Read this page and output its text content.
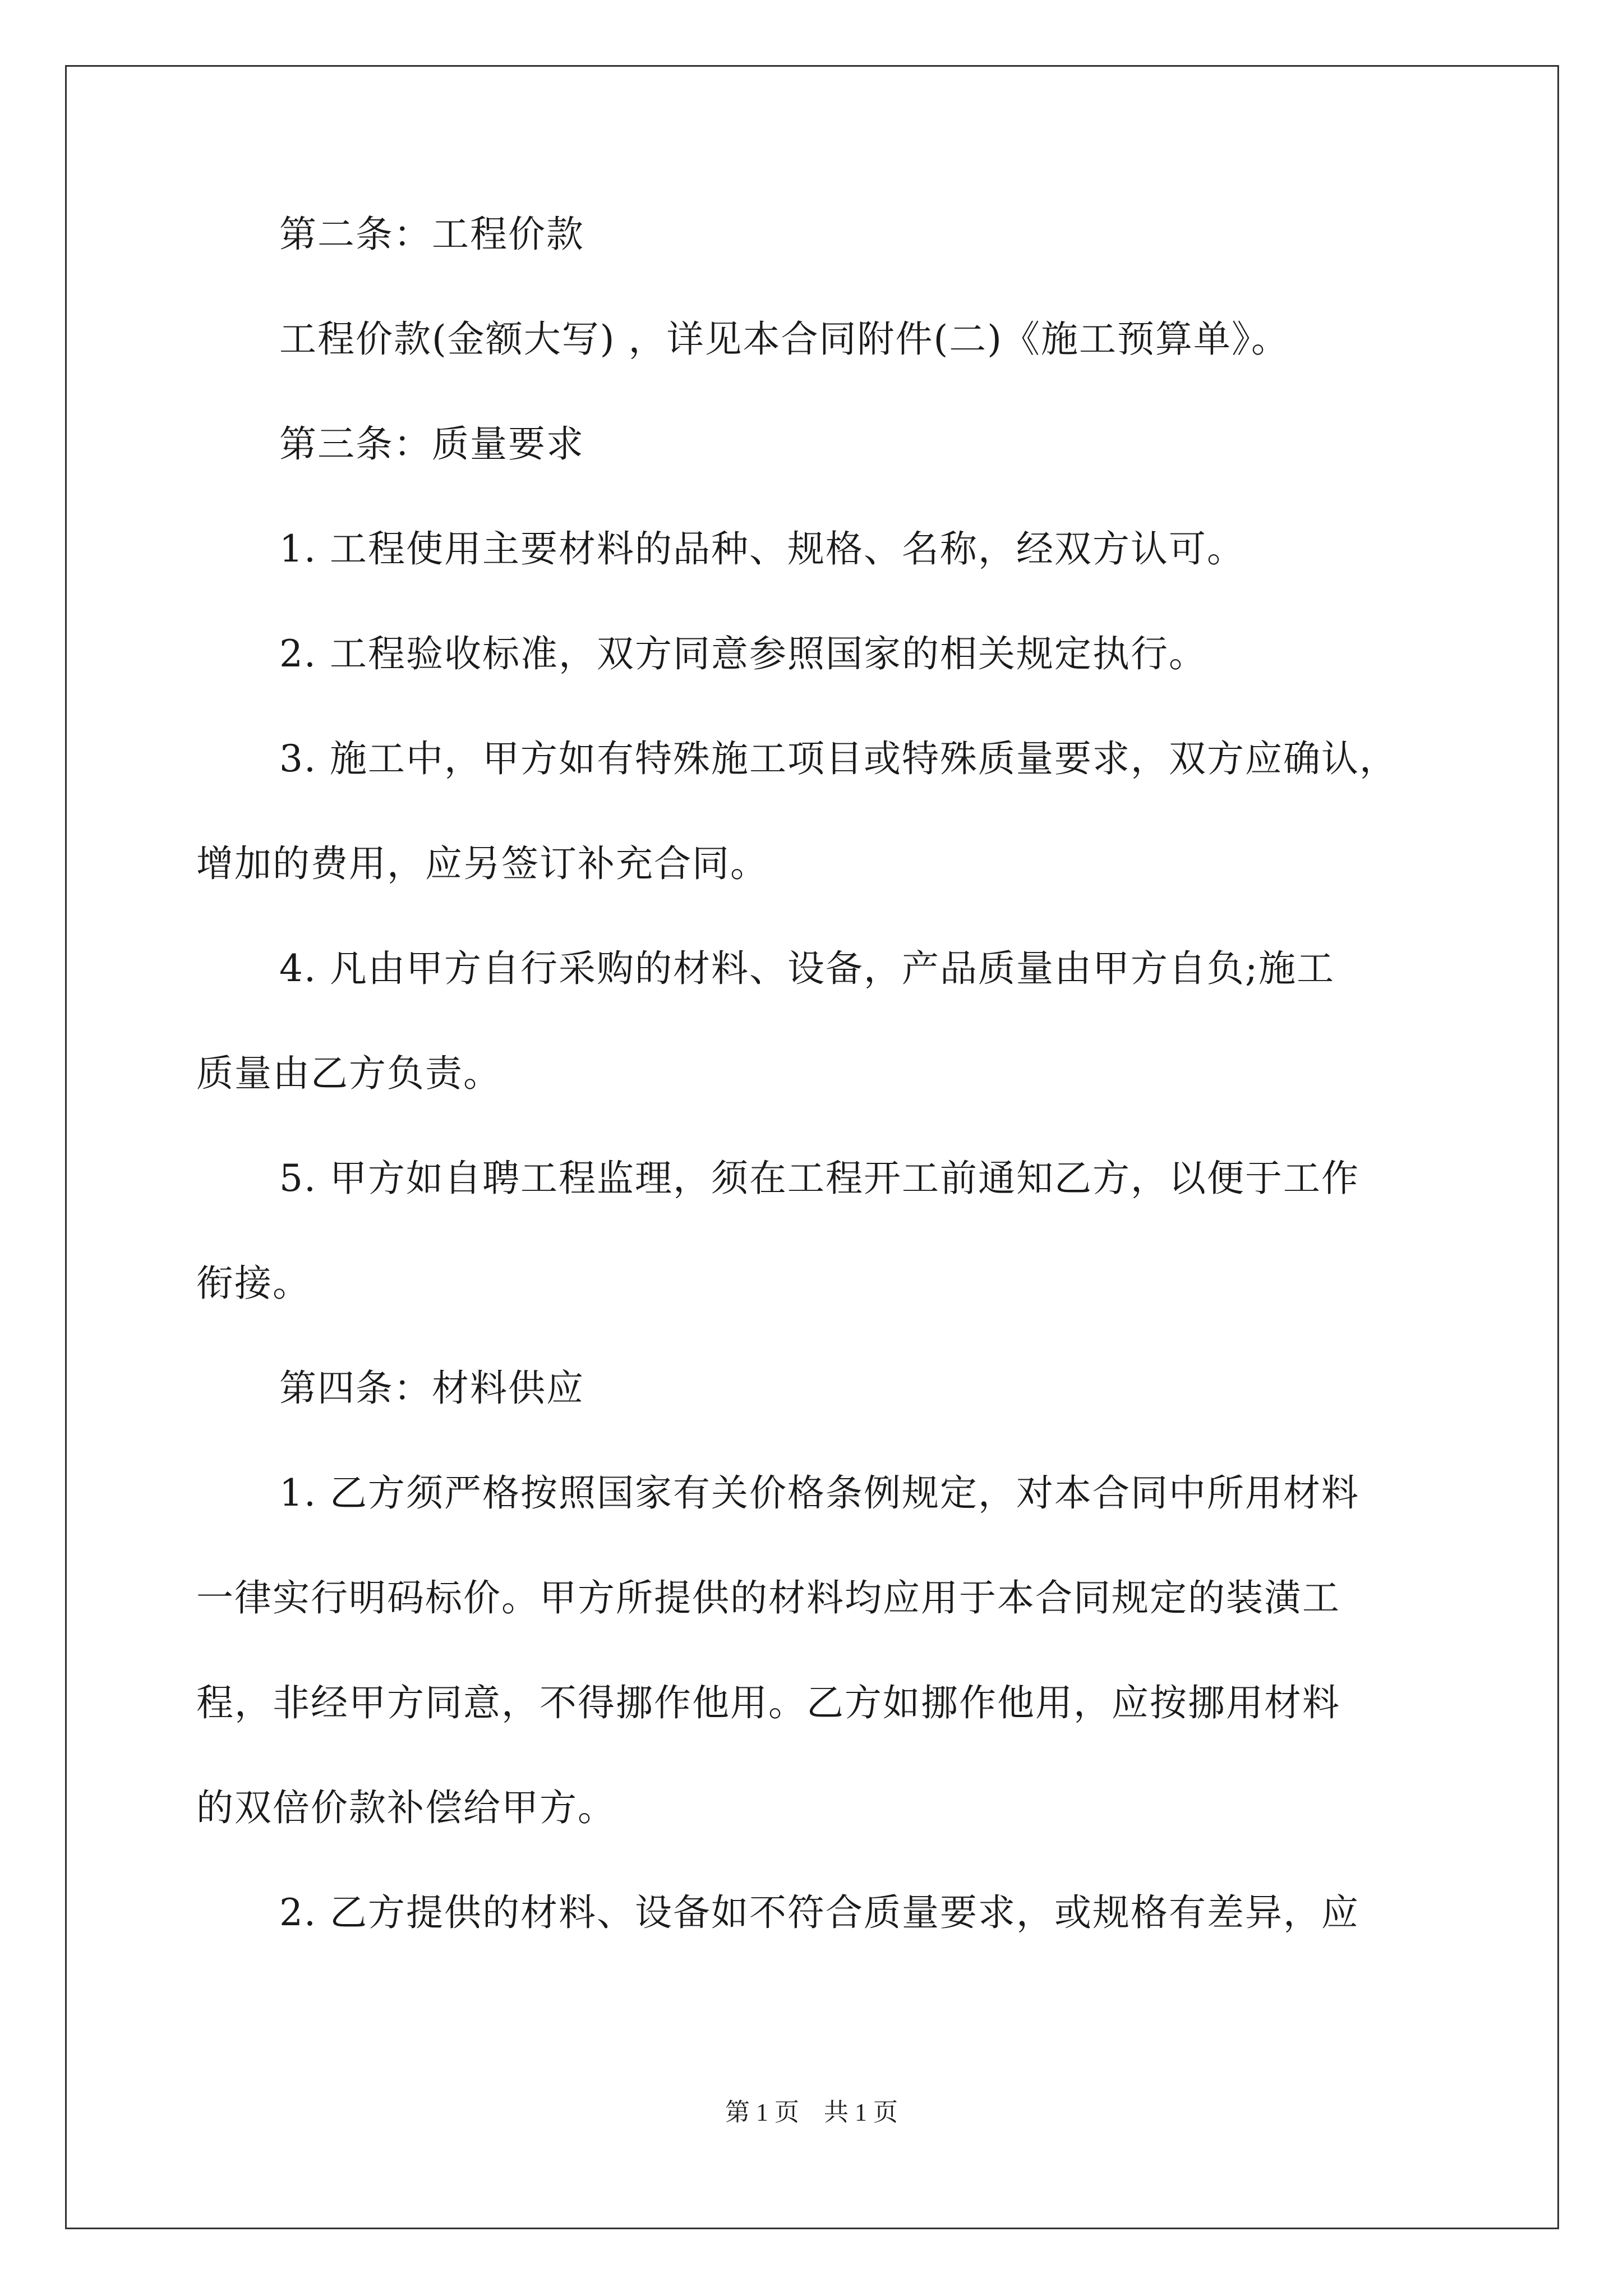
第二条：工程价款

工程价款(金额大写) ，详见本合同附件(二)《施工预算单》。

第三条：质量要求

1. 工程使用主要材料的品种、规格、名称，经双方认可。

2. 工程验收标准，双方同意参照国家的相关规定执行。

3. 施工中，甲方如有特殊施工项目或特殊质量要求，双方应确认，

增加的费用，应另签订补充合同。

4. 凡由甲方自行采购的材料、设备，产品质量由甲方自负;施工

质量由乙方负责。

5. 甲方如自聘工程监理，须在工程开工前通知乙方，以便于工作

衔接。

第四条：材料供应

1. 乙方须严格按照国家有关价格条例规定，对本合同中所用材料

一律实行明码标价。甲方所提供的材料均应用于本合同规定的装潢工

程，非经甲方同意，不得挪作他用。乙方如挪作他用，应按挪用材料

的双倍价款补偿给甲方。

2. 乙方提供的材料、设备如不符合质量要求，或规格有差异，应

第 1 页　共 1 页
